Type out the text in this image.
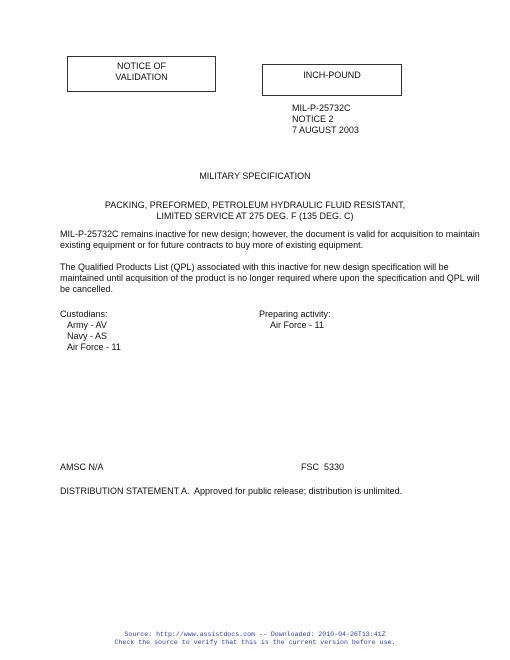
NOTICE OF
VALIDATION	INCH-POUND
MIL-P-25732C
NOTICE 2
7 AUGUST 2003
MILITARY SPECIFICATION
PACKING, PREFORMED, PETROLEUM HYDRAULIC FLUID RESISTANT,
LIMITED SERVICE AT 275 DEG. F (135 DEG. C)
MIL-P-25732C remains inactive for new design; however, the document is valid for acquisition to maintain
existing equipment or for future contracts to buy more of existing equipment.
The Qualified Products List (QPL) associated with this inactive for new design specification will be
maintained until acquisition of the product is no longer required where upon the specification and QPL will
be cancelled.
Custodians:
Army - AV
Navy - AS
Air Force - 11
Preparing activity:
Air Force - 11
AMSC N/A	FSC  5330
DISTRIBUTION STATEMENT A.  Approved for public release; distribution is unlimited.
Source: http://www.assistdocs.com -- Downloaded: 2010-04-26T13:41Z
Check the source to verify that this is the current version before use.
